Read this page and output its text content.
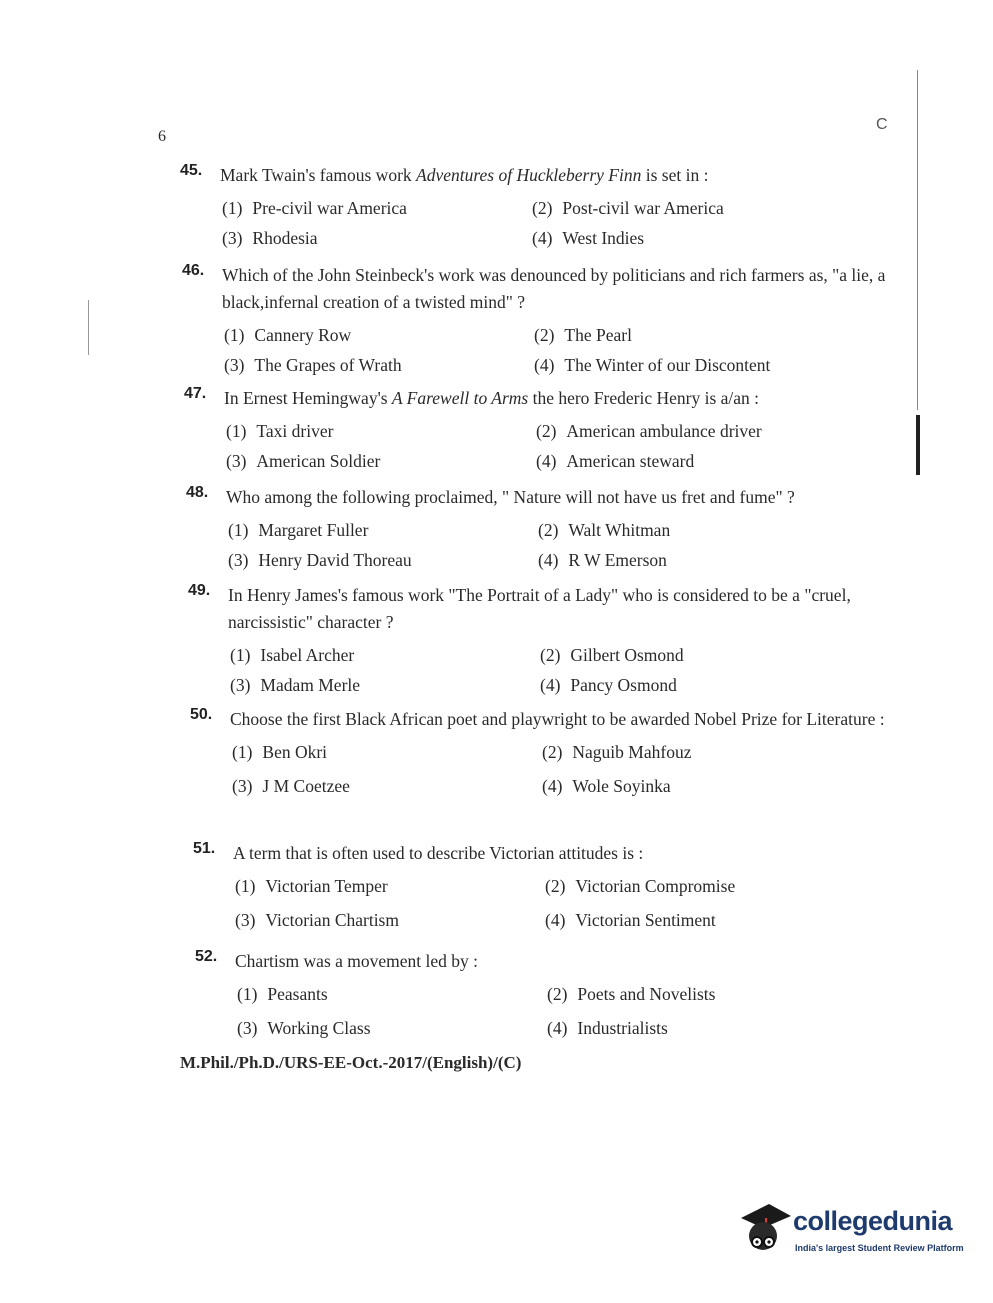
6
C
45. Mark Twain's famous work Adventures of Huckleberry Finn is set in :
(1) Pre-civil war America	(2) Post-civil war America
(3) Rhodesia	(4) West Indies
46. Which of the John Steinbeck's work was denounced by politicians and rich farmers as, "a lie, a black,infernal creation of a twisted mind" ?
(1) Cannery Row	(2) The Pearl
(3) The Grapes of Wrath	(4) The Winter of our Discontent
47. In Ernest Hemingway's A Farewell to Arms the hero Frederic Henry is a/an :
(1) Taxi driver	(2) American ambulance driver
(3) American Soldier	(4) American steward
48. Who among the following proclaimed, " Nature will not have us fret and fume" ?
(1) Margaret Fuller	(2) Walt Whitman
(3) Henry David Thoreau	(4) R W Emerson
49. In Henry James's famous work "The Portrait of a Lady" who is considered to be a "cruel, narcissistic" character ?
(1) Isabel Archer	(2) Gilbert Osmond
(3) Madam Merle	(4) Pancy Osmond
50. Choose the first Black African poet and playwright to be awarded Nobel Prize for Literature :
(1) Ben Okri	(2) Naguib Mahfouz
(3) J M Coetzee	(4) Wole Soyinka
51. A term that is often used to describe Victorian attitudes is :
(1) Victorian Temper	(2) Victorian Compromise
(3) Victorian Chartism	(4) Victorian Sentiment
52. Chartism was a movement led by :
(1) Peasants	(2) Poets and Novelists
(3) Working Class	(4) Industrialists
M.Phil./Ph.D./URS-EE-Oct.-2017/(English)/(C)
collegedunia
India's largest Student Review Platform
